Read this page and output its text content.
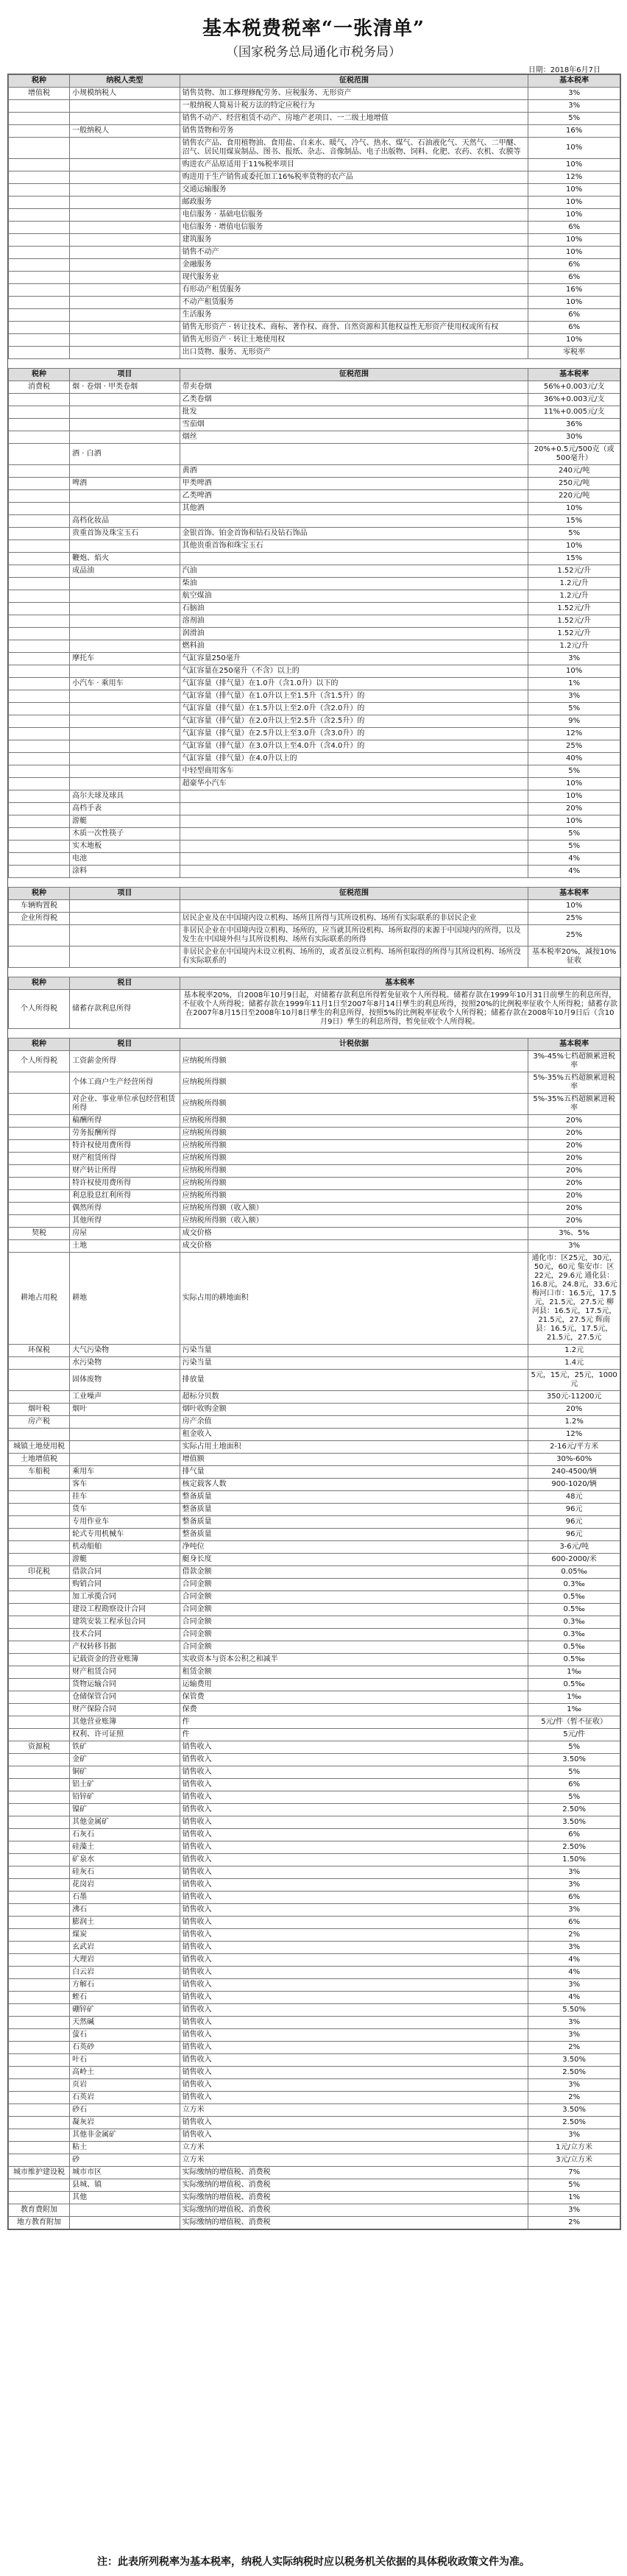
基本税费税率“一张清单”
（国家税务总局通化市税务局）
日期：2018年6月7日
税种	纳税人类型	征税范围	基本税率
增值税	小规模纳税人	销售货物、加工修理修配劳务、应税服务、无形资产	3%
		一般纳税人简易计税方法的特定应税行为	3%
		销售不动产、经营租赁不动产、房地产老项目、一二级土地增值	5%
	一般纳税人	销售货物和劳务	16%
		销售农产品、食用植物油、食用盐、自来水、暖气、冷气、热水、煤气、石油液化气、天然气、二甲醚、沼气、居民用煤炭制品、图书、报纸、杂志、音像制品、电子出版物、饲料、化肥、农药、农机、农膜等	10%
		购进农产品原适用于11%税率项目	10%
		购进用于生产销售或委托加工16%税率货物的农产品	12%
		交通运输服务	10%
		邮政服务	10%
		电信服务 · 基础电信服务	10%
		电信服务 · 增值电信服务	6%
		建筑服务	10%
		销售不动产	10%
		金融服务	6%
		现代服务业	6%
		有形动产租赁服务	16%
		不动产租赁服务	10%
		生活服务	6%
		销售无形资产 · 转让技术、商标、著作权、商誉、自然资源和其他权益性无形资产使用权或所有权	6%
		销售无形资产 · 转让土地使用权	10%
		出口货物、服务、无形资产	零税率
税种	项目	征税范围	基本税率
消费税	烟 · 卷烟 · 甲类卷烟	带卖卷烟	56%+0.003元/支
		乙类卷烟	36%+0.003元/支
		批发	11%+0.005元/支
		雪茄烟	36%
		烟丝	30%
	酒 · 白酒		20%+0.5元/500克（或500毫升）
		黄酒	240元/吨
	啤酒	甲类啤酒	250元/吨
		乙类啤酒	220元/吨
		其他酒	10%
	高档化妆品		15%
	贵重首饰及珠宝玉石	金银首饰、铂金首饰和钻石及钻石饰品	5%
		其他贵重首饰和珠宝玉石	10%
	鞭炮、焰火		15%
	成品油	汽油	1.52元/升
		柴油	1.2元/升
		航空煤油	1.2元/升
		石脑油	1.52元/升
		溶剂油	1.52元/升
		润滑油	1.52元/升
		燃料油	1.2元/升
	摩托车	气缸容量250毫升	3%
		气缸容量在250毫升（不含）以上的	10%
	小汽车 · 乘用车	气缸容量（排气量）在1.0升（含1.0升）以下的	1%
		气缸容量（排气量）在1.0升以上至1.5升（含1.5升）的	3%
		气缸容量（排气量）在1.5升以上至2.0升（含2.0升）的	5%
		气缸容量（排气量）在2.0升以上至2.5升（含2.5升）的	9%
		气缸容量（排气量）在2.5升以上至3.0升（含3.0升）的	12%
		气缸容量（排气量）在3.0升以上至4.0升（含4.0升）的	25%
		气缸容量（排气量）在4.0升以上的	40%
		中轻型商用客车	5%
		超豪华小汽车	10%
	高尔夫球及球具		10%
	高档手表		20%
	游艇		10%
	木质一次性筷子		5%
	实木地板		5%
	电池		4%
	涂料		4%
税种	项目	征税范围	基本税率
车辆购置税			10%
企业所得税		居民企业及在中国境内设立机构、场所且所得与其所设机构、场所有实际联系的非居民企业	25%
		非居民企业在中国境内设立机构、场所的，应当就其所设机构、场所取得的来源于中国境内的所得，以及发生在中国境外但与其所设机构、场所有实际联系的所得	25%
		非居民企业在中国境内未设立机构、场所的，或者虽设立机构、场所但取得的所得与其所设机构、场所没有实际联系的	基本税率20%，减按10%征收
税种	税目	基本税率
个人所得税	储蓄存款利息所得	基本税率20%，自2008年10月9日起，对储蓄存款利息所得暂免征收个人所得税。储蓄存款在1999年10月31日前孳生的利息所得，不征收个人所得税；储蓄存款在1999年11月1日至2007年8月14日孳生的利息所得，按照20%的比例税率征收个人所得税；储蓄存款在2007年8月15日至2008年10月8日孳生的利息所得，按照5%的比例税率征收个人所得税；储蓄存款在2008年10月9日后（含10月9日）孳生的利息所得，暂免征收个人所得税。
税种	税目	计税依据	基本税率
个人所得税	工资薪金所得	应纳税所得额	3%-45%七档超额累进税率
	个体工商户生产经营所得	应纳税所得额	5%-35%五档超额累进税率
	对企业、事业单位承包经营租赁所得	应纳税所得额	5%-35%五档超额累进税率
	稿酬所得	应纳税所得额	20%
	劳务报酬所得	应纳税所得额	20%
	特许权使用费所得	应纳税所得额	20%
	财产租赁所得	应纳税所得额	20%
	财产转让所得	应纳税所得额	20%
	特许权使用费所得	应纳税所得额	20%
	利息股息红利所得	应纳税所得额	20%
	偶然所得	应纳税所得额（收入额）	20%
	其他所得	应纳税所得额（收入额）	20%
契税	房屋	成交价格	3%、5%
	土地	成交价格	3%
耕地占用税	耕地	实际占用的耕地面积	通化市：区25元，30元，50元，60元 集安市：区22元，29.6元 通化县：16.8元，24.8元，33.6元 梅河口市：16.5元，17.5元，21.5元，27.5元 柳河县：16.5元，17.5元，21.5元，27.5元 辉南县：16.5元，17.5元，21.5元，27.5元
环保税	大气污染物	污染当量	1.2元
	水污染物	污染当量	1.4元
	固体废物	排放量	5元，15元，25元，1000元
	工业噪声	超标分贝数	350元-11200元
烟叶税	烟叶	烟叶收购金额	20%
房产税		房产余值	1.2%
		租金收入	12%
城镇土地使用税		实际占用土地面积	2-16元/平方米
土地增值税		增值额	30%-60%
车船税	乘用车	排气量	240-4500/辆
	客车	核定载客人数	900-1020/辆
	挂车	整备质量	48元
	货车	整备质量	96元
	专用作业车	整备质量	96元
	轮式专用机械车	整备质量	96元
	机动船舶	净吨位	3-6元/吨
	游艇	艇身长度	600-2000/米
印花税	借款合同	借款金额	0.05‰
	购销合同	合同金额	0.3‰
	加工承揽合同	合同金额	0.5‰
	建设工程勘察设计合同	合同金额	0.5‰
	建筑安装工程承包合同	合同金额	0.3‰
	技术合同	合同金额	0.3‰
	产权转移书据	合同金额	0.5‰
	记载资金的营业账簿	实收资本与资本公积之和减半	0.5‰
	财产租赁合同	租赁金额	1‰
	货物运输合同	运输费用	0.5‰
	仓储保管合同	保管费	1‰
	财产保险合同	保费	1‰
	其他营业账簿	件	5元/件（暂不征收）
	权利、许可证照	件	5元/件
资源税	铁矿	销售收入	5%
	金矿	销售收入	3.50%
	铜矿	销售收入	5%
	铝土矿	销售收入	6%
	铅锌矿	销售收入	5%
	镍矿	销售收入	2.50%
	其他金属矿	销售收入	3.50%
	石灰石	销售收入	6%
	硅藻土	销售收入	2.50%
	矿泉水	销售收入	1.50%
	硅灰石	销售收入	3%
	花岗岩	销售收入	3%
	石墨	销售收入	6%
	沸石	销售收入	3%
	膨润土	销售收入	6%
	煤炭	销售收入	2%
	玄武岩	销售收入	3%
	大理岩	销售收入	4%
	白云岩	销售收入	4%
	方解石	销售收入	3%
	蛭石	销售收入	4%
	硼锌矿	销售收入	5.50%
	天然碱	销售收入	3%
	萤石	销售收入	3%
	石英砂	销售收入	2%
	叶石	销售收入	3.50%
	高岭土	销售收入	2.50%
	页岩	销售收入	3%
	石英岩	销售收入	2%
	砂石	立方米	3.50%
	凝灰岩	销售收入	2.50%
	其他非金属矿	销售收入	3%
	粘土	立方米	1元/立方米
	砂	立方米	3元/立方米
城市维护建设税	城市市区	实际缴纳的增值税、消费税	7%
	县城、镇	实际缴纳的增值税、消费税	5%
	其他	实际缴纳的增值税、消费税	1%
教育费附加		实际缴纳的增值税、消费税	3%
地方教育附加		实际缴纳的增值税、消费税	2%
注：此表所列税率为基本税率，纳税人实际纳税时应以税务机关依据的具体税收政策文件为准。
